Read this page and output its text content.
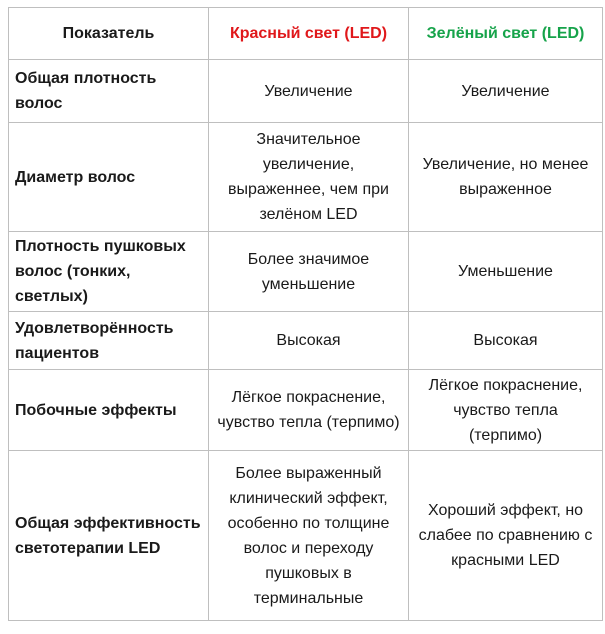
Показатель	Красный свет (LED)	Зелёный свет (LED)
Общая плотность волос	Увеличение	Увеличение
Диаметр волос	Значительное увеличение, выраженнее, чем при зелёном LED	Увеличение, но менее выраженное
Плотность пушковых волос (тонких, светлых)	Более значимое уменьшение	Уменьшение
Удовлетворённость пациентов	Высокая	Высокая
Побочные эффекты	Лёгкое покраснение, чувство тепла (терпимо)	Лёгкое покраснение, чувство тепла (терпимо)
Общая эффективность светотерапии LED	Более выраженный клинический эффект, особенно по толщине волос и переходу пушковых в терминальные	Хороший эффект, но слабее по сравнению с красными LED
